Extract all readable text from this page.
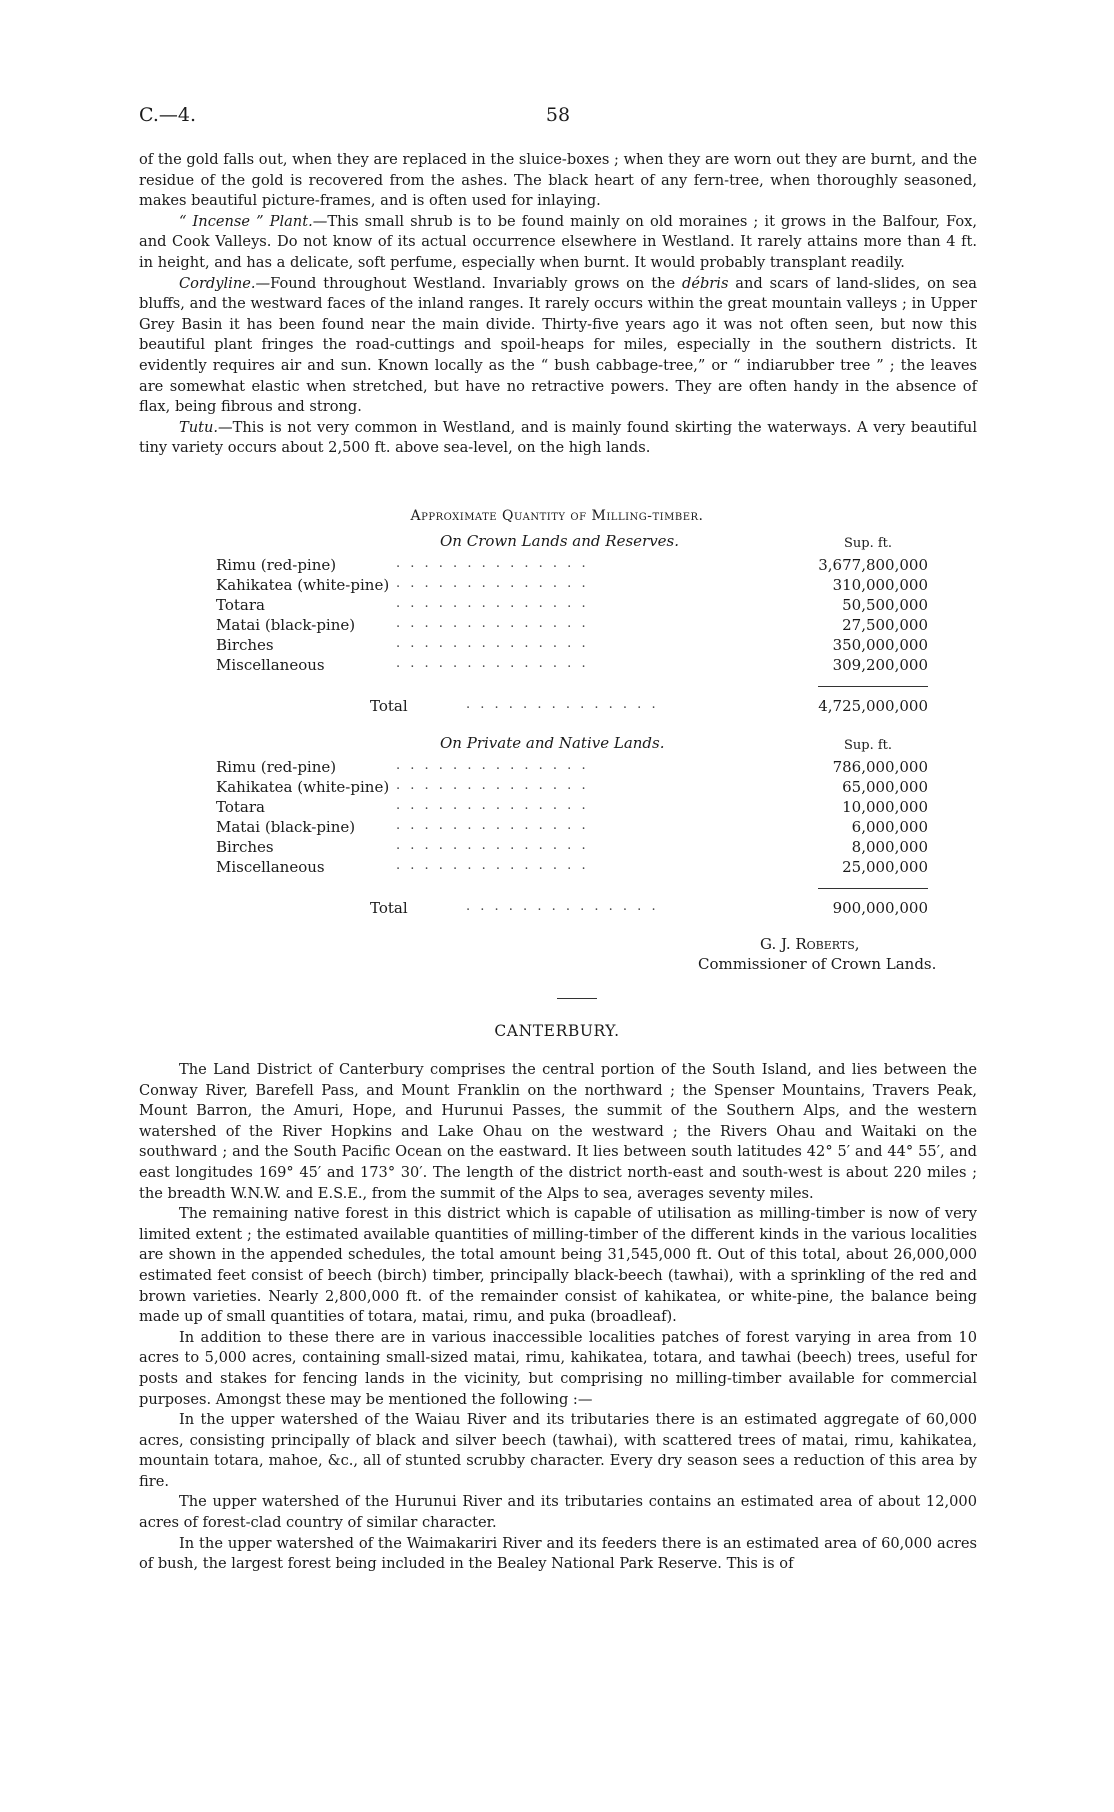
C.—4.	58

of the gold falls out, when they are replaced in the sluice-boxes ; when they are worn out they are burnt, and the residue of the gold is recovered from the ashes. The black heart of any fern-tree, when thoroughly seasoned, makes beautiful picture-frames, and is often used for inlaying.

“ Incense ” Plant.—This small shrub is to be found mainly on old moraines ; it grows in the Balfour, Fox, and Cook Valleys. Do not know of its actual occurrence elsewhere in Westland. It rarely attains more than 4 ft. in height, and has a delicate, soft perfume, especially when burnt. It would probably transplant readily.

Cordyline.—Found throughout Westland. Invariably grows on the débris and scars of land-slides, on sea bluffs, and the westward faces of the inland ranges. It rarely occurs within the great mountain valleys ; in Upper Grey Basin it has been found near the main divide. Thirty-five years ago it was not often seen, but now this beautiful plant fringes the road-cuttings and spoil-heaps for miles, especially in the southern districts. It evidently requires air and sun. Known locally as the “ bush cabbage-tree,” or “ indiarubber tree ” ; the leaves are somewhat elastic when stretched, but have no retractive powers. They are often handy in the absence of flax, being fibrous and strong.

Tutu.—This is not very common in Westland, and is mainly found skirting the waterways. A very beautiful tiny variety occurs about 2,500 ft. above sea-level, on the high lands.

Approximate Quantity of Milling-timber.
On Crown Lands and Reserves.	Sup. ft.
Rimu (red-pine)	. . . . . . . . . . . . . .	3,677,800,000
Kahikatea (white-pine) . . . . . . . . . . . . . .	310,000,000
Totara	. . . . . . . . . . . . . .	50,500,000
Matai (black-pine)	. . . . . . . . . . . . . .	27,500,000
Birches	. . . . . . . . . . . . . .	350,000,000
Miscellaneous	. . . . . . . . . . . . . .	309,200,000
Total	. . . . . . . . . . . . . .	4,725,000,000
On Private and Native Lands.	Sup. ft.
Rimu (red-pine)	. . . . . . . . . . . . . .	786,000,000
Kahikatea (white-pine) . . . . . . . . . . . . . .	65,000,000
Totara	. . . . . . . . . . . . . .	10,000,000
Matai (black-pine)	. . . . . . . . . . . . . .	6,000,000
Birches	. . . . . . . . . . . . . .	8,000,000
Miscellaneous	. . . . . . . . . . . . . .	25,000,000
Total	. . . . . . . . . . . . . .	900,000,000
G. J. Roberts,
Commissioner of Crown Lands.
CANTERBURY.

The Land District of Canterbury comprises the central portion of the South Island, and lies between the Conway River, Barefell Pass, and Mount Franklin on the northward ; the Spenser Mountains, Travers Peak, Mount Barron, the Amuri, Hope, and Hurunui Passes, the summit of the Southern Alps, and the western watershed of the River Hopkins and Lake Ohau on the westward ; the Rivers Ohau and Waitaki on the southward ; and the South Pacific Ocean on the eastward. It lies between south latitudes 42° 5′ and 44° 55′, and east longitudes 169° 45′ and 173° 30′. The length of the district north-east and south-west is about 220 miles ; the breadth W.N.W. and E.S.E., from the summit of the Alps to sea, averages seventy miles.

The remaining native forest in this district which is capable of utilisation as milling-timber is now of very limited extent ; the estimated available quantities of milling-timber of the different kinds in the various localities are shown in the appended schedules, the total amount being 31,545,000 ft. Out of this total, about 26,000,000 estimated feet consist of beech (birch) timber, principally black-beech (tawhai), with a sprinkling of the red and brown varieties. Nearly 2,800,000 ft. of the remainder consist of kahikatea, or white-pine, the balance being made up of small quantities of totara, matai, rimu, and puka (broadleaf).

In addition to these there are in various inaccessible localities patches of forest varying in area from 10 acres to 5,000 acres, containing small-sized matai, rimu, kahikatea, totara, and tawhai (beech) trees, useful for posts and stakes for fencing lands in the vicinity, but comprising no milling-timber available for commercial purposes. Amongst these may be mentioned the following :—

In the upper watershed of the Waiau River and its tributaries there is an estimated aggregate of 60,000 acres, consisting principally of black and silver beech (tawhai), with scattered trees of matai, rimu, kahikatea, mountain totara, mahoe, &c., all of stunted scrubby character. Every dry season sees a reduction of this area by fire.

The upper watershed of the Hurunui River and its tributaries contains an estimated area of about 12,000 acres of forest-clad country of similar character.

In the upper watershed of the Waimakariri River and its feeders there is an estimated area of 60,000 acres of bush, the largest forest being included in the Bealey National Park Reserve. This is of
